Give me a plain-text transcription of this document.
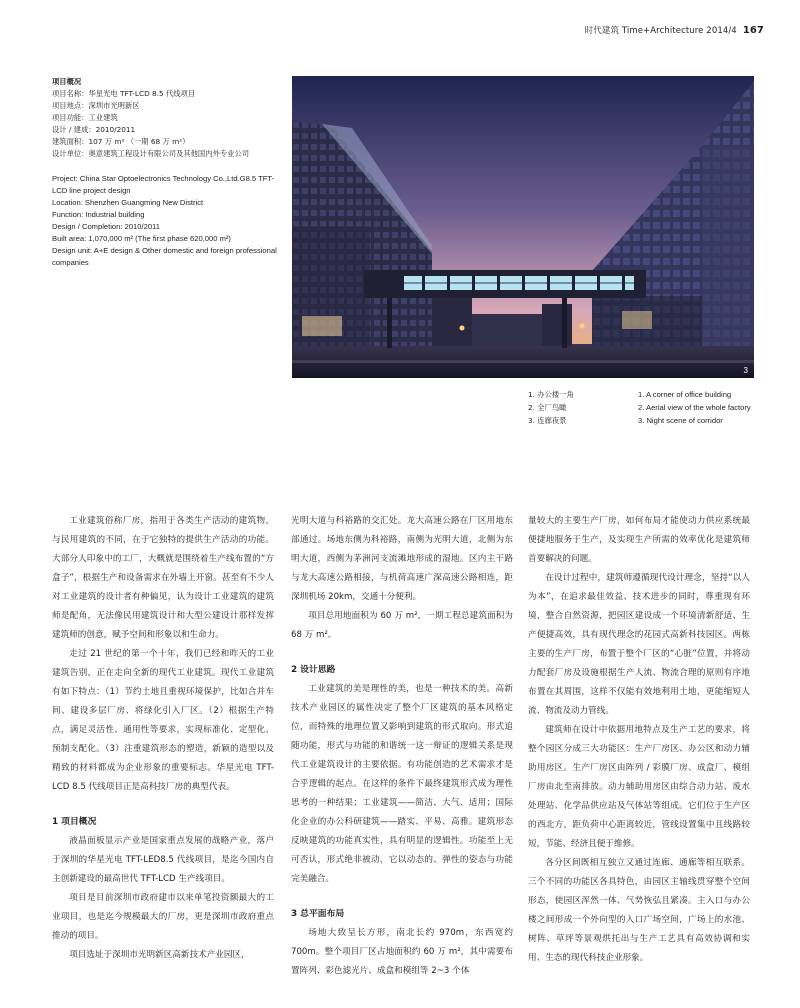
时代建筑 Time+Architecture 2014/4 167
项目概况
项目名称：华星光电 TFT-LCD 8.5 代线项目
项目地点：深圳市光明新区
项目功能：工业建筑
设计 / 建成：2010/2011
建筑面积：107 万 m² （一期 68 万 m²）
设计单位：奥意建筑工程设计有限公司及其他国内外专业公司
Project: China Star Optoelectronics Technology Co.,Ltd.G8.5 TFT-LCD line project design
Location: Shenzhen Guangming New District
Function: Industrial building
Design / Completion: 2010/2011
Built area: 1,070,000 m² (The first phase 620,000 m²)
Design unit: A+E design & Other domestic and foreign professional companies
3
1. 办公楼一角
2. 全厂鸟瞰
3. 连廊夜景
1. A corner of office building
2. Aerial view of the whole factory
3. Night scene of corridor

工业建筑俗称厂房，指用于各类生产活动的建筑物。与民用建筑的不同，在于它独特的提供生产活动的功能。大部分人印象中的工厂，大概就是围绕着生产线布置的“方盒子”，根据生产和设备需求在外墙上开窗。甚至有不少人对工业建筑的设计者有种偏见，认为设计工业建筑的建筑师是配角，无法像民用建筑设计和大型公建设计那样发挥建筑师的创意，赋予空间和形象以和生命力。

走过 21 世纪的第一个十年，我们已经和昨天的工业建筑告别，正在走向全新的现代工业建筑。现代工业建筑有如下特点：（1）节约土地且重视环境保护，比如合并车间、建设多层厂房、将绿化引入厂区。（2）根据生产特点，满足灵活性、通用性等要求，实现标准化、定型化、预制支配化。（3）注重建筑形态的塑造，新颖的造型以及精致的材料都成为企业形象的重要标志。华星光电 TFT-LCD 8.5 代线项目正是高科技厂房的典型代表。

1 项目概况

液晶面板显示产业是国家重点发展的战略产业，落户于深圳的华星光电 TFT-LED8.5 代线项目，是迄今国内自主创新建设的最高世代 TFT-LCD 生产线项目。

项目是目前深圳市政府建市以来单笔投资额最大的工业项目，也是迄今规模最大的厂房，更是深圳市政府重点推动的项目。

项目选址于深圳市光明新区高新技术产业园区，

光明大道与科裕路的交汇处。龙大高速公路在厂区用地东部通过。场地东侧为科裕路，南侧为光明大道，北侧为东明大道，西侧为茅洲河支流滩地形成的湿地。区内主干路与龙大高速公路相接，与机荷高速广深高速公路相连，距深圳机场 20km，交通十分便利。

项目总用地面积为 60 万 m²，一期工程总建筑面积为 68 万 m²。

2 设计思路

工业建筑的美是理性的美，也是一种技术的美。高新技术产业园区的属性决定了整个厂区建筑的基本风格定位，而特殊的地理位置又影响到建筑的形式取向。形式追随功能，形式与功能的和谐统一这一辩证的逻辑关系是现代工业建筑设计的主要依据。有功能创造的艺术需求才是合乎逻辑的起点。在这样的条件下最终建筑形式成为理性思考的一种结果；工业建筑——简洁、大气、适用；国际化企业的办公科研建筑——踏实、平易、高雅。建筑形态反映建筑的功能真实性，具有明显的逻辑性。功能至上无可否认，形式绝非被动，它以动态的、弹性的姿态与功能完美融合。

3 总平面布局

场地大致呈长方形，南北长约 970m，东西宽约 700m。整个项目厂区占地面积约 60 万 m²，其中需要布置阵列、彩色滤光片、成盒和模组等 2~3 个体

量较大的主要生产厂房，如何布局才能使动力供应系统最便捷地服务于生产，及实现生产所需的效率优化是建筑师首要解决的问题。

在设计过程中，建筑师遵循现代设计理念，坚持“以人为本”，在追求最佳效益、技术进步的同时，尊重现有环境，整合自然资源，把园区建设成一个环境清新舒适、生产便捷高效，具有现代理念的花园式高新科技园区。两栋主要的生产厂房，布置于整个厂区的“心脏”位置，并将动力配套厂房及设施根据生产人流、物流合理的原则有序地布置在其周围，这样不仅能有效地利用土地，更能缩短人流、物流及动力管线。

建筑师在设计中依据用地特点及生产工艺的要求，将整个园区分成三大功能区：生产厂房区、办公区和动力辅助用房区。生产厂房区由阵列 / 彩膜厂房、成盒厂、模组厂房由北至南排放。动力辅助用房区由综合动力站、废水处理站、化学品供应站及气体站等组成。它们位于生产区的西北方，距负荷中心距离较近，管线设置集中且线路较短，节能、经济且便于维修。

各分区间既相互独立又通过连廊、通廊等相互联系。三个不同的功能区各具特色，由园区主轴线贯穿整个空间形态，使园区浑然一体、气势恢弘且紧凑。主入口与办公楼之间形成一个外向型的入口广场空间，广场上的水池、树阵、草坪等景观烘托出与生产工艺具有高效协调和实用、生态的现代科技企业形象。
